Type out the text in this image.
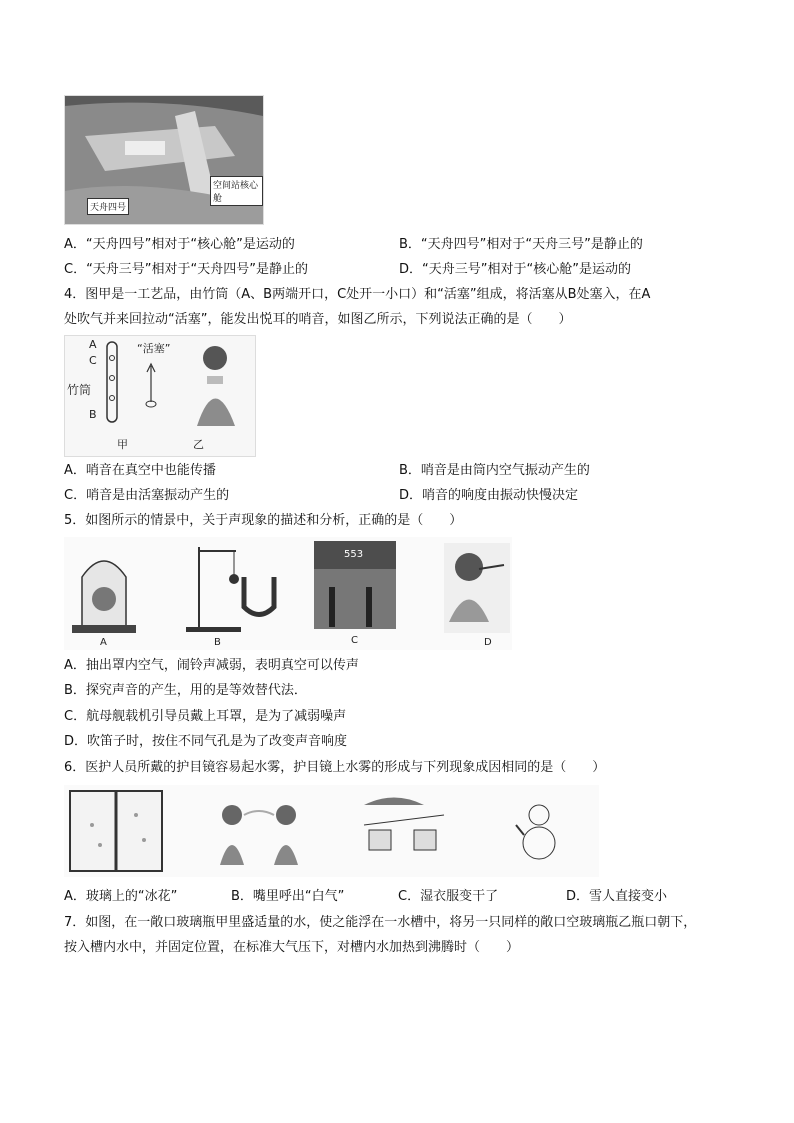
空间站核心舱
天舟四号
A．“天舟四号”相对于“核心舱”是运动的	B．“天舟四号”相对于“天舟三号”是静止的
C．“天舟三号”相对于“天舟四号”是静止的	D．“天舟三号”相对于“核心舱”是运动的
4．图甲是一工艺品，由竹筒（A、B两端开口，C处开一小口）和“活塞”组成，将活塞从B处塞入，在A
处吹气并来回拉动“活塞”，能发出悦耳的哨音，如图乙所示，下列说法正确的是（　　）
A
C
竹筒
B
“活塞”
甲	乙
A．哨音在真空中也能传播	B．哨音是由筒内空气振动产生的
C．哨音是由活塞振动产生的	D．哨音的响度由振动快慢决定
5．如图所示的情景中，关于声现象的描述和分析，正确的是（　　）
A	B	C	D
553
A．抽出罩内空气，闹铃声减弱，表明真空可以传声
B．探究声音的产生，用的是等效替代法．
C．航母舰载机引导员戴上耳罩，是为了减弱噪声
D．吹笛子时，按住不同气孔是为了改变声音响度
6．医护人员所戴的护目镜容易起水雾，护目镜上水雾的形成与下列现象成因相同的是（　　）
A．玻璃上的“冰花”	B．嘴里呼出“白气”	C．湿衣服变干了	D．雪人直接变小
7．如图，在一敞口玻璃瓶甲里盛适量的水，使之能浮在一水槽中，将另一只同样的敞口空玻璃瓶乙瓶口朝下，
按入槽内水中，并固定位置，在标准大气压下，对槽内水加热到沸腾时（　　）
